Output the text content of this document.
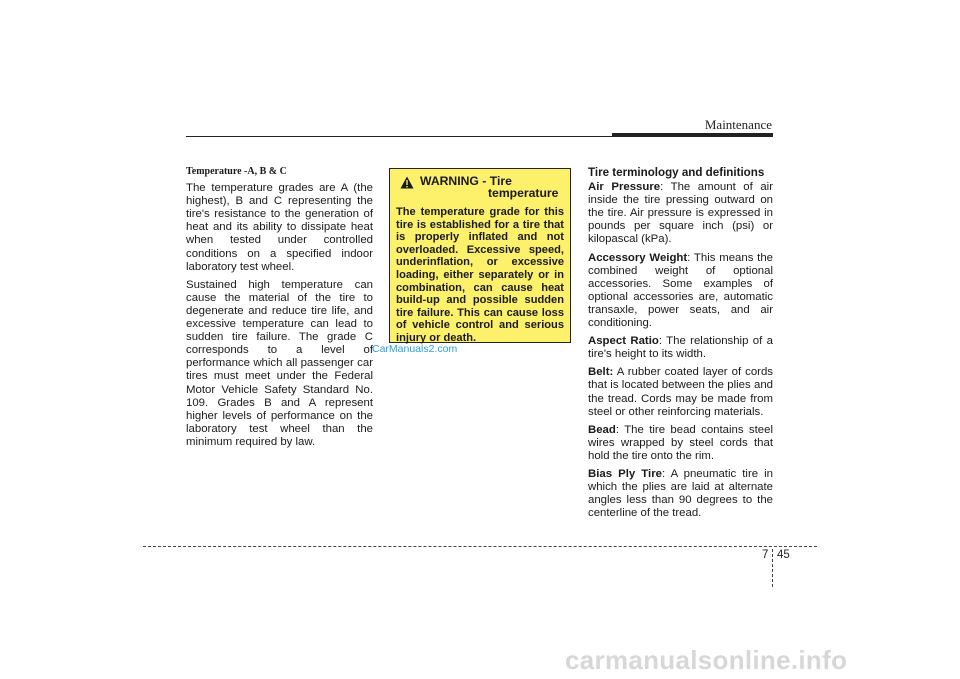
Maintenance
Temperature -A, B & C

The temperature grades are A (the highest), B and C representing the tire's resistance to the generation of heat and its ability to dissipate heat when tested under controlled conditions on a specified indoor laboratory test wheel.

Sustained high temperature can cause the material of the tire to degenerate and reduce tire life, and excessive temperature can lead to sudden tire failure. The grade C corresponds to a level of performance which all passenger car tires must meet under the Federal Motor Vehicle Safety Standard No. 109. Grades B and A represent higher levels of performance on the laboratory test wheel than the minimum required by law.

WARNING - Tire
temperature
The temperature grade for this tire is established for a tire that is properly inflated and not overloaded. Excessive speed, underinflation, or excessive loading, either separately or in combination, can cause heat build-up and possible sudden tire failure. This can cause loss of vehicle control and serious injury or death.
CarManuals2.com
Tire terminology and definitions

Air Pressure: The amount of air inside the tire pressing outward on the tire. Air pressure is expressed in pounds per square inch (psi) or kilopascal (kPa).

Accessory Weight: This means the combined weight of optional accessories. Some examples of optional accessories are, automatic transaxle, power seats, and air conditioning.

Aspect Ratio: The relationship of a tire's height to its width.

Belt: A rubber coated layer of cords that is located between the plies and the tread. Cords may be made from steel or other reinforcing materials.

Bead: The tire bead contains steel wires wrapped by steel cords that hold the tire onto the rim.

Bias Ply Tire: A pneumatic tire in which the plies are laid at alternate angles less than 90 degrees to the centerline of the tread.

7 45
carmanualsonline.info
